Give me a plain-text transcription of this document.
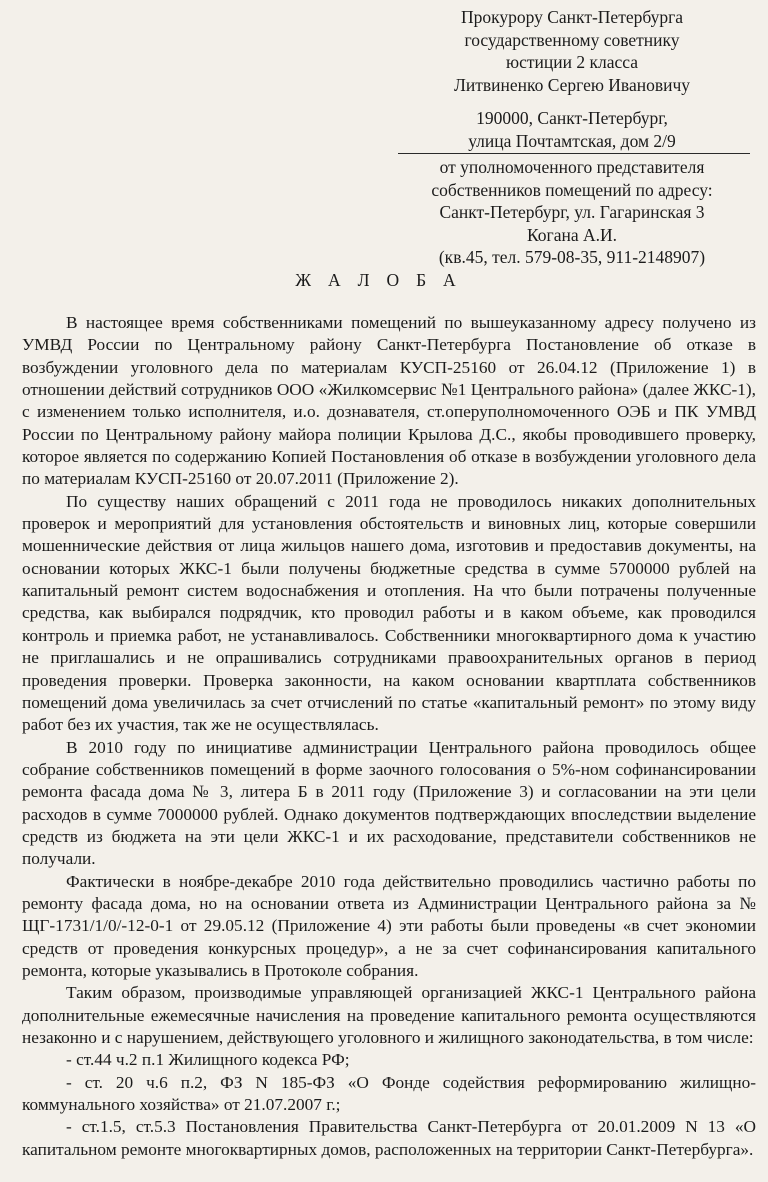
Прокурору Санкт-Петербурга
государственному советнику
юстиции 2 класса
Литвиненко Сергею Ивановичу
190000, Санкт-Петербург,
улица Почтамтская, дом 2/9
от уполномоченного представителя
собственников помещений по адресу:
Санкт-Петербург, ул. Гагаринская 3
Когана А.И.
(кв.45, тел. 579-08-35, 911-2148907)
ЖАЛОБА

В настоящее время собственниками помещений по вышеуказанному адресу получено из УМВД России по Центральному району Санкт-Петербурга Постановление об отказе в возбуждении уголовного дела по материалам КУСП-25160 от 26.04.12 (Приложение 1) в отношении действий сотрудников ООО «Жилкомсервис №1 Центрального района» (далее ЖКС-1), с изменением только исполнителя, и.о. дознавателя, ст.оперуполномоченного ОЭБ и ПК УМВД России по Центральному району майора полиции Крылова Д.С., якобы проводившего проверку, которое является по содержанию Копией Постановления об отказе в возбуждении уголовного дела по материалам КУСП-25160 от 20.07.2011 (Приложение 2).

По существу наших обращений с 2011 года не проводилось никаких дополнительных проверок и мероприятий для установления обстоятельств и виновных лиц, которые совершили мошеннические действия от лица жильцов нашего дома, изготовив и предоставив документы, на основании которых ЖКС-1 были получены бюджетные средства в сумме 5700000 рублей на капитальный ремонт систем водоснабжения и отопления. На что были потрачены полученные средства, как выбирался подрядчик, кто проводил работы и в каком объеме, как проводился контроль и приемка работ, не устанавливалось. Собственники многоквартирного дома к участию не приглашались и не опрашивались сотрудниками правоохранительных органов в период проведения проверки. Проверка законности, на каком основании квартплата собственников помещений дома увеличилась за счет отчислений по статье «капитальный ремонт» по этому виду работ без их участия, так же не осуществлялась.

В 2010 году по инициативе администрации Центрального района проводилось общее собрание собственников помещений в форме заочного голосования о 5%-ном софинансировании ремонта фасада дома № 3, литера Б в 2011 году (Приложение 3) и согласовании на эти цели расходов в сумме 7000000 рублей. Однако документов подтверждающих впоследствии выделение средств из бюджета на эти цели ЖКС-1 и их расходование, представители собственников не получали.

Фактически в ноябре-декабре 2010 года действительно проводились частично работы по ремонту фасада дома, но на основании ответа из Администрации Центрального района за № ЩГ-1731/1/0/-12-0-1 от 29.05.12 (Приложение 4) эти работы были проведены «в счет экономии средств от проведения конкурсных процедур», а не за счет софинансирования капитального ремонта, которые указывались в Протоколе собрания.

Таким образом, производимые управляющей организацией ЖКС-1 Центрального района дополнительные ежемесячные начисления на проведение капитального ремонта осуществляются незаконно и с нарушением, действующего уголовного и жилищного законодательства, в том числе:

- ст.44 ч.2 п.1 Жилищного кодекса РФ;

- ст. 20 ч.6 п.2, ФЗ N 185-ФЗ «О Фонде содействия реформированию жилищно-коммунального хозяйства» от 21.07.2007 г.;

- ст.1.5, ст.5.3 Постановления Правительства Санкт-Петербурга от 20.01.2009 N 13 «О капитальном ремонте многоквартирных домов, расположенных на территории Санкт-Петербурга».
